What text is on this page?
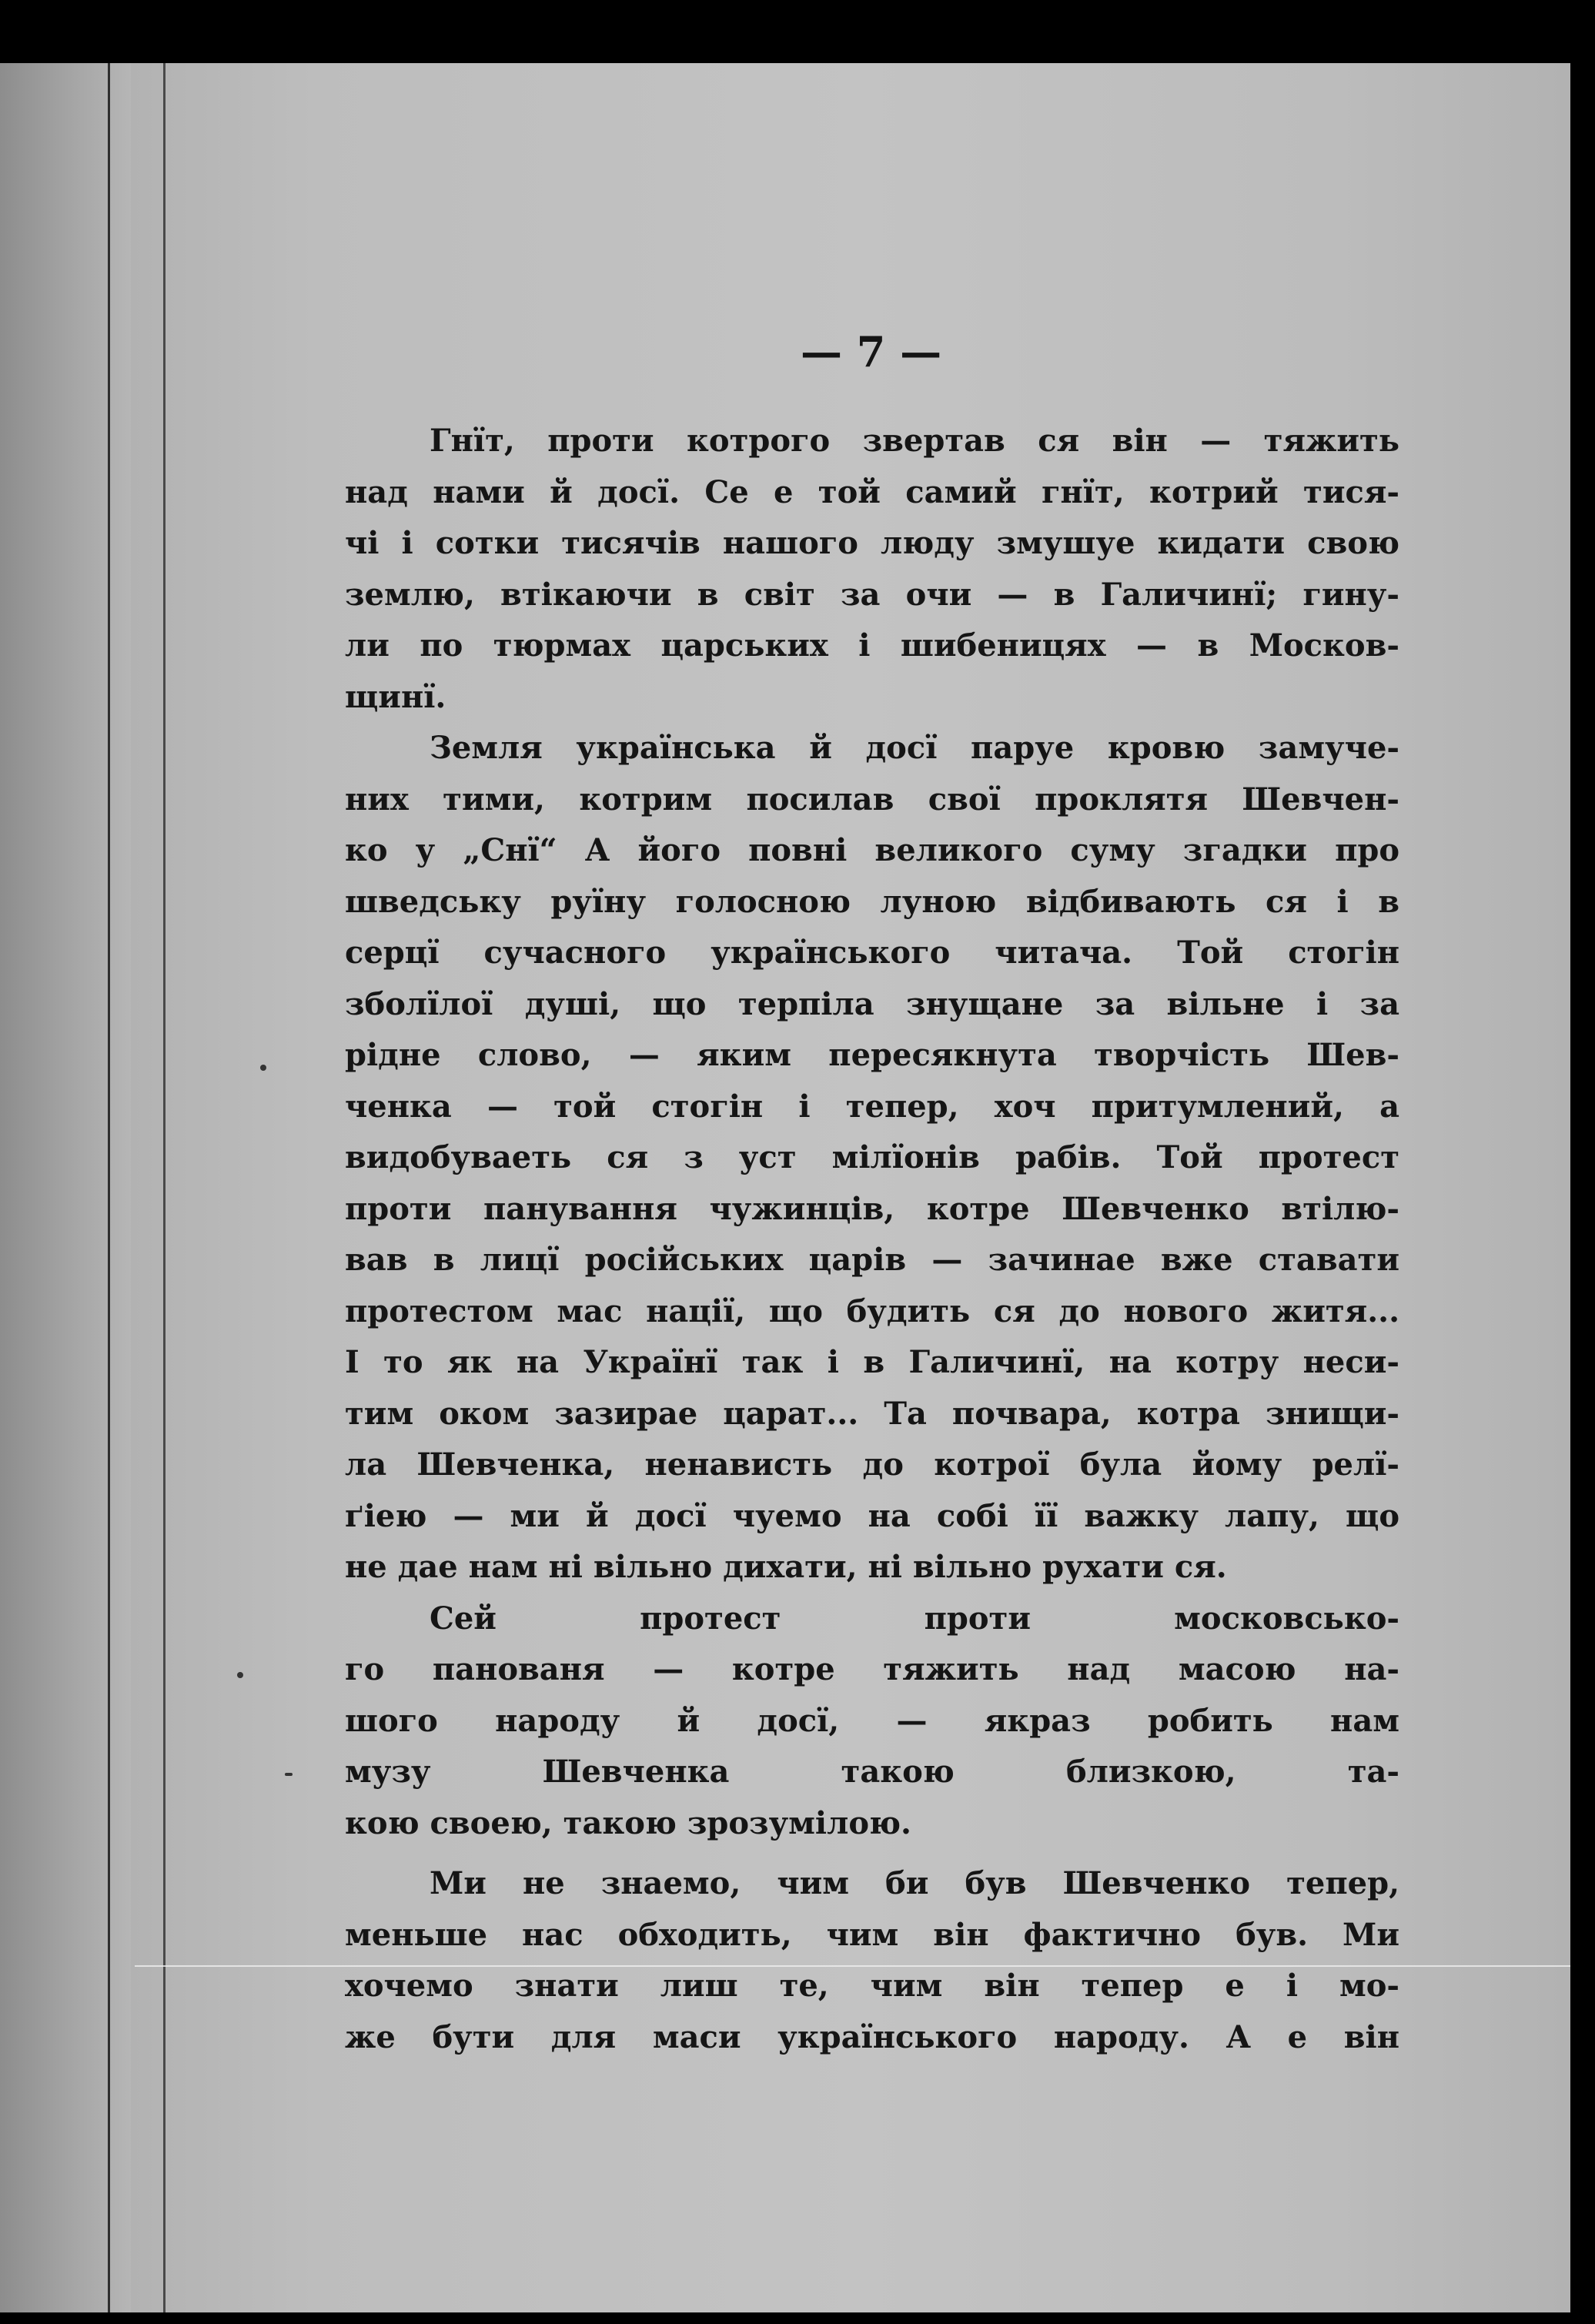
— 7 —
Гнїт, проти котрого звертав ся вiн — тяжить
над нами й досї. Се е той самий гнїт, котрий тися-
чi i сотки тисячiв нашого люду змушуе кидати свою
землю, втiкаючи в свiт за очи — в Галичинї; гину-
ли по тюрмах царських i шибеницях — в Москов-
щинї.
Земля українська й досї паруе кровю замуче-
них тими, котрим посилав свої проклятя Шевчен-
ко у „Снї“ А його повнi великого суму згадки про
шведську руїну голосною луною вiдбивають ся i в
серцї сучасного українського читача. Той стогiн
зболїлої душi, що терпiла знущане за вiльне i за
рiдне слово, — яким пересякнута творчiсть Шев-
ченка — той стогiн i тепер, хоч притумлений, а
видобуваеть ся з уст мiлїонiв рабiв. Той протест
проти панування чужинцiв, котре Шевченко втiлю-
вав в лицї росiйських царiв — зачинае вже ставати
протестом мас нацiї, що будить ся до нового житя...
I то як на Українї так i в Галичинї, на котру неси-
тим оком зазирае царат... Та почвара, котра знищи-
ла Шевченка, ненависть до котрої була йому релї-
ґiею — ми й досї чуемо на собi її важку лапу, що
не дае нам нi вiльно дихати, нi вiльно рухати ся.
Сей протест проти московсько-
го панованя — котре тяжить над масою на-
шого народу й досї, — якраз робить нам
музу Шевченка такою близкою, та-
кою своею, такою зрозумiлою.
Ми не знаемо, чим би був Шевченко тепер,
меньше нас обходить, чим вiн фактично був. Ми
хочемо знати лиш те, чим вiн тепер е i мо-
же бути для маси українського народу. А е вiн
